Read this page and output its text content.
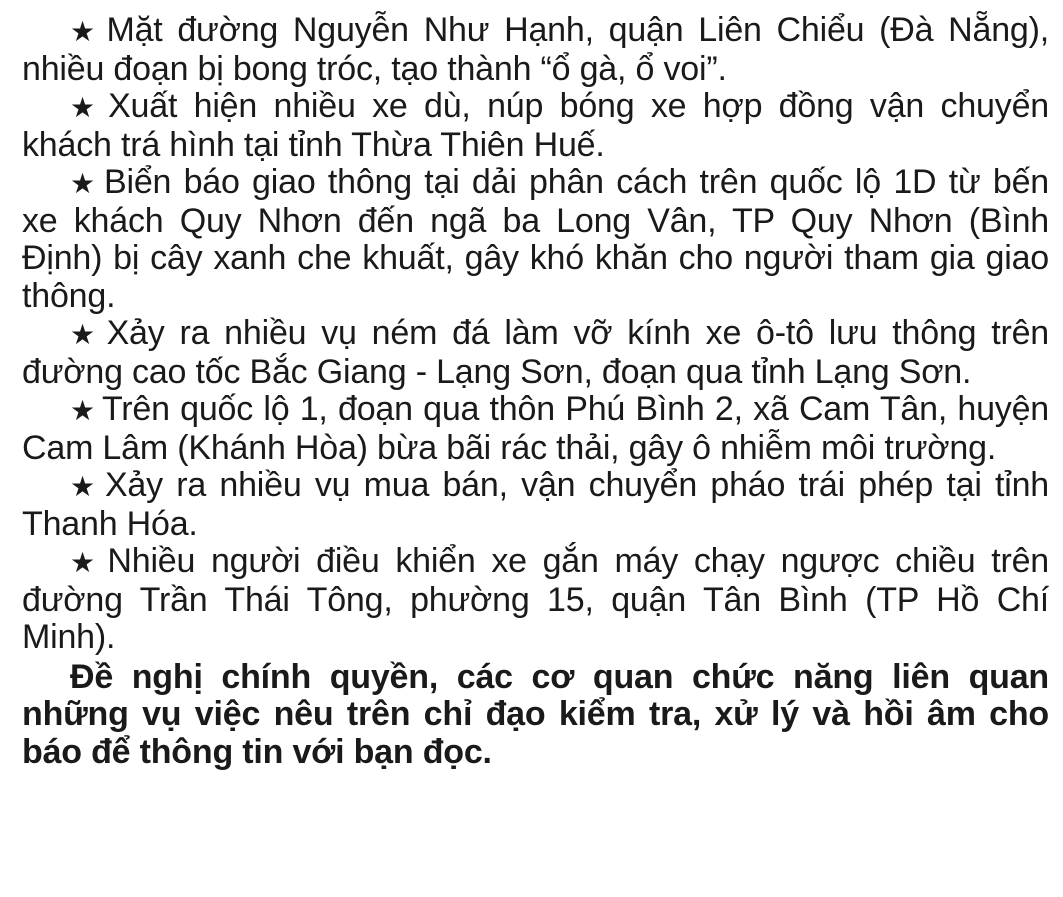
★ Mặt đường Nguyễn Như Hạnh, quận Liên Chiểu (Đà Nẵng), nhiều đoạn bị bong tróc, tạo thành “ổ gà, ổ voi”.

★ Xuất hiện nhiều xe dù, núp bóng xe hợp đồng vận chuyển khách trá hình tại tỉnh Thừa Thiên Huế.

★ Biển báo giao thông tại dải phân cách trên quốc lộ 1D từ bến xe khách Quy Nhơn đến ngã ba Long Vân, TP Quy Nhơn (Bình Định) bị cây xanh che khuất, gây khó khăn cho người tham gia giao thông.

★ Xảy ra nhiều vụ ném đá làm vỡ kính xe ô-tô lưu thông trên đường cao tốc Bắc Giang - Lạng Sơn, đoạn qua tỉnh Lạng Sơn.

★ Trên quốc lộ 1, đoạn qua thôn Phú Bình 2, xã Cam Tân, huyện Cam Lâm (Khánh Hòa) bừa bãi rác thải, gây ô nhiễm môi trường.

★ Xảy ra nhiều vụ mua bán, vận chuyển pháo trái phép tại tỉnh Thanh Hóa.

★ Nhiều người điều khiển xe gắn máy chạy ngược chiều trên đường Trần Thái Tông, phường 15, quận Tân Bình (TP Hồ Chí Minh).

Đề nghị chính quyền, các cơ quan chức năng liên quan những vụ việc nêu trên chỉ đạo kiểm tra, xử lý và hồi âm cho báo để thông tin với bạn đọc.
